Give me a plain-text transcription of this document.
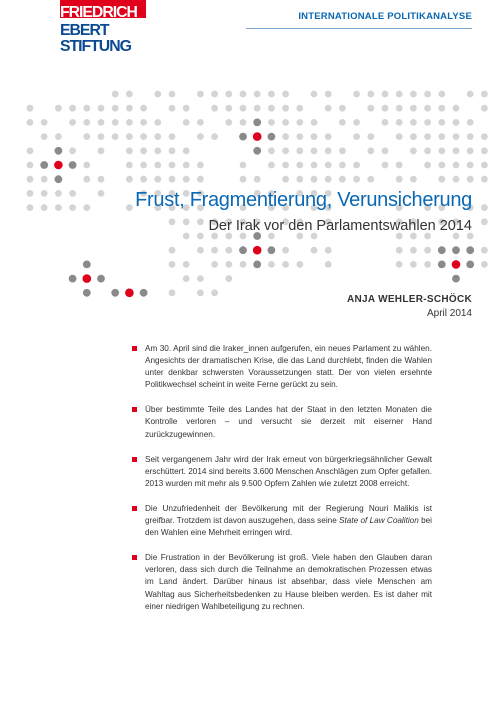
FRIEDRICH
EBERT
STIFTUNG
INTERNATIONALE POLITIKANALYSE
Frust, Fragmentierung, Verunsicherung
Der Irak vor den Parlamentswahlen 2014
ANJA WEHLER-SCHÖCK
April 2014
Am 30. April sind die Iraker_innen aufgerufen, ein neues Parlament zu wählen. Angesichts der dramatischen Krise, die das Land durchlebt, finden die Wahlen unter denkbar schwersten Voraussetzungen statt. Der von vielen ersehnte Politikwechsel scheint in weite Ferne gerückt zu sein.
Über bestimmte Teile des Landes hat der Staat in den letzten Monaten die Kontrolle verloren – und versucht sie derzeit mit eiserner Hand zurückzugewinnen.
Seit vergangenem Jahr wird der Irak erneut von bürgerkriegsähnlicher Gewalt erschüttert. 2014 sind bereits 3.600 Menschen Anschlägen zum Opfer gefallen. 2013 wurden mit mehr als 9.500 Opfern Zahlen wie zuletzt 2008 erreicht.
Die Unzufriedenheit der Bevölkerung mit der Regierung Nouri Malikis ist greifbar. Trotzdem ist davon auszugehen, dass seine State of Law Coalition bei den Wahlen eine Mehrheit erringen wird.
Die Frustration in der Bevölkerung ist groß. Viele haben den Glauben daran verloren, dass sich durch die Teilnahme an demokratischen Prozessen etwas im Land ändert. Darüber hinaus ist absehbar, dass viele Menschen am Wahltag aus Sicherheitsbedenken zu Hause bleiben werden. Es ist daher mit einer niedrigen Wahlbeteiligung zu rechnen.
